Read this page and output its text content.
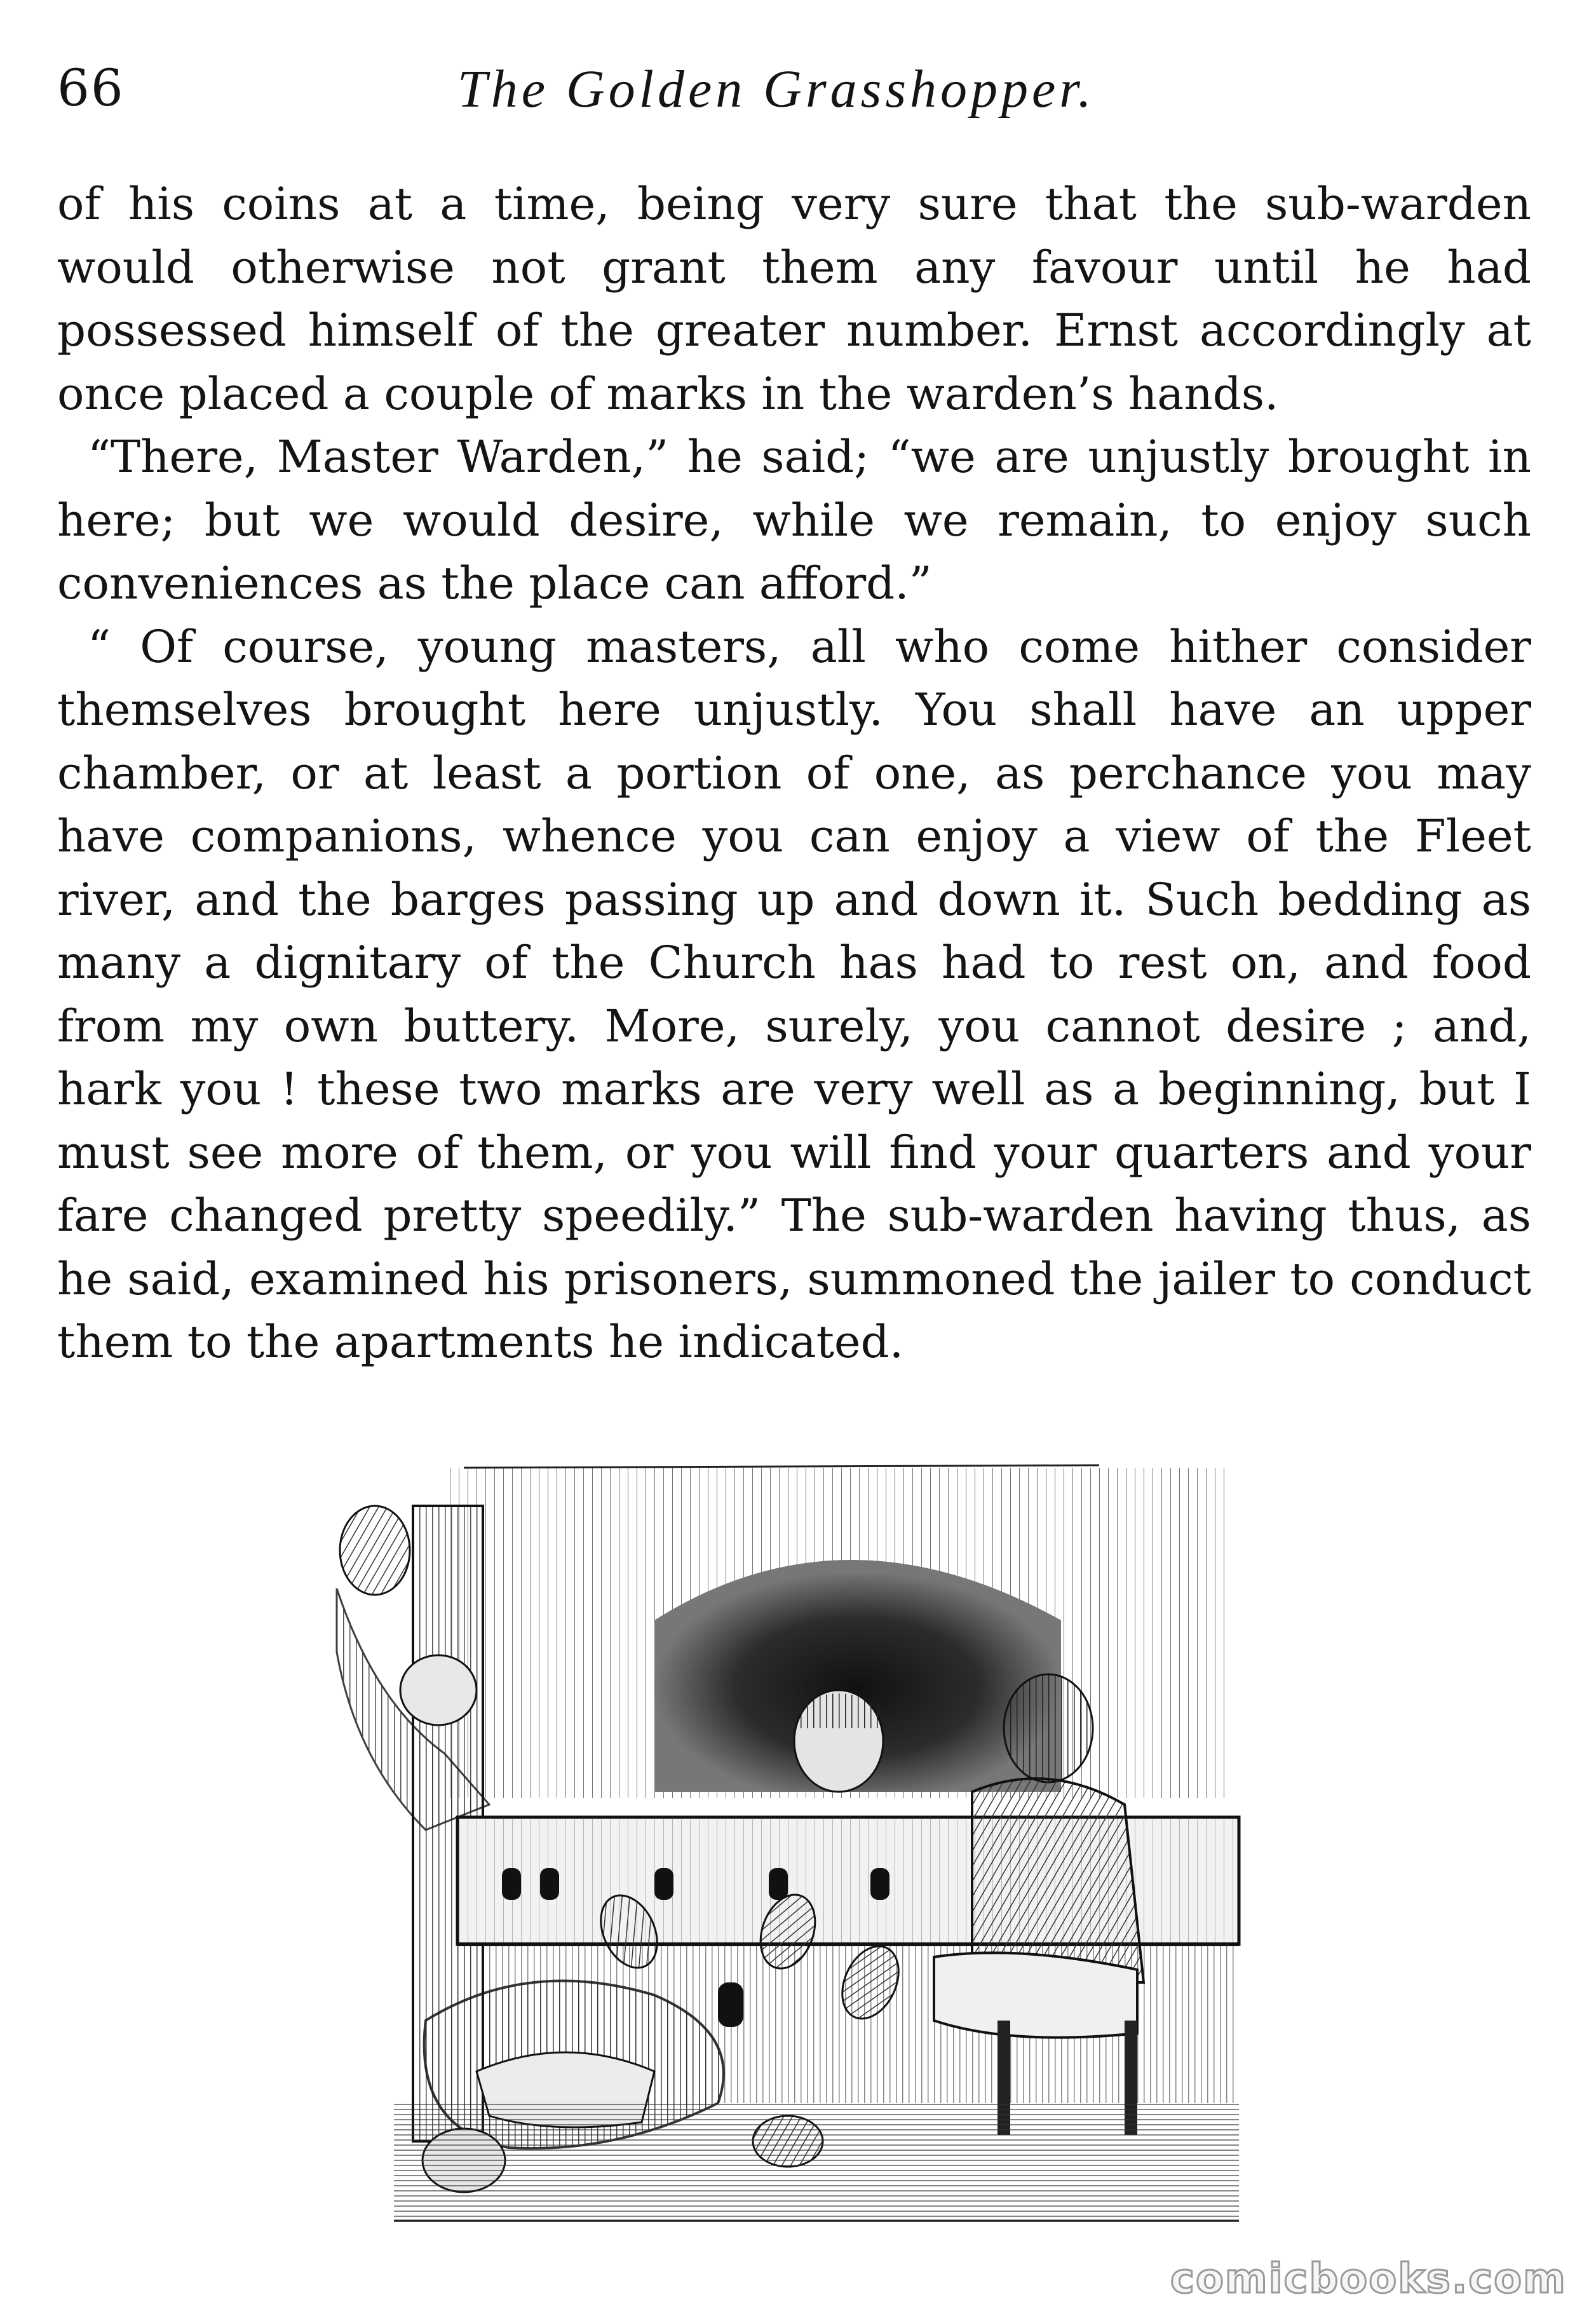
66	The Golden Grasshopper.

of his coins at a time, being very sure that the sub-warden would otherwise not grant them any favour until he had possessed himself of the greater number. Ernst accordingly at once placed a couple of marks in the warden’s hands.

“There, Master Warden,” he said; “we are unjustly brought in here; but we would desire, while we remain, to enjoy such conveniences as the place can afford.”

“ Of course, young masters, all who come hither consider themselves brought here unjustly. You shall have an upper chamber, or at least a portion of one, as perchance you may have companions, whence you can enjoy a view of the Fleet river, and the barges passing up and down it. Such bedding as many a dignitary of the Church has had to rest on, and food from my own buttery. More, surely, you cannot desire ; and, hark you ! these two marks are very well as a beginning, but I must see more of them, or you will find your quarters and your fare changed pretty speedily.” The sub-warden having thus, as he said, examined his prisoners, summoned the jailer to conduct them to the apartments he indicated.

comicbooks.com
